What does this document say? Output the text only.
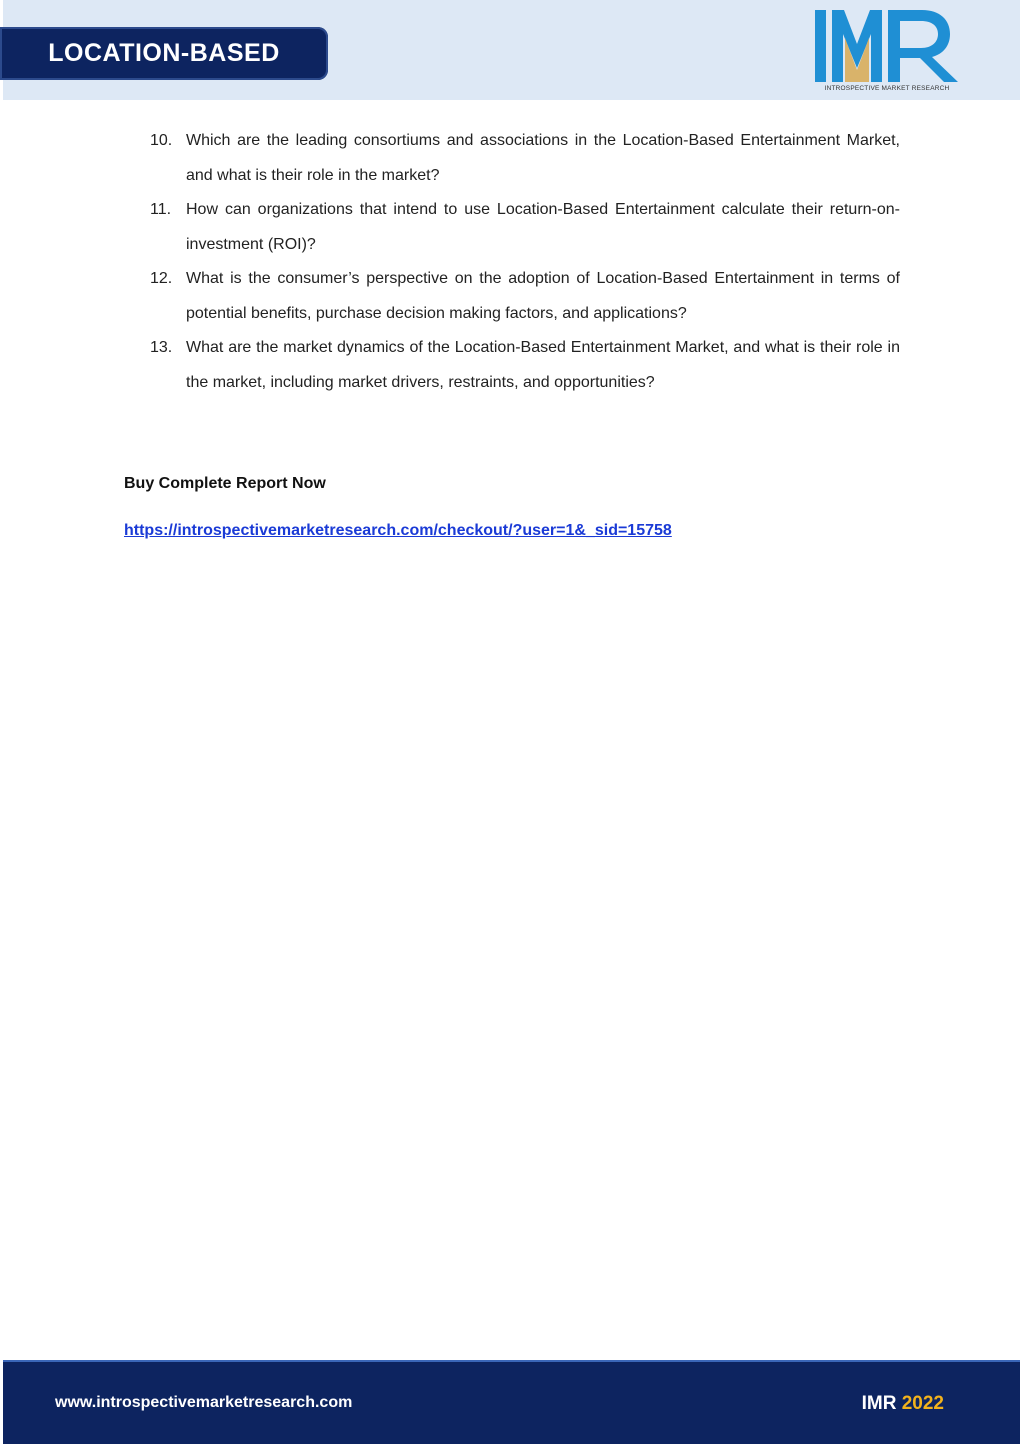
LOCATION-BASED
INTROSPECTIVE MARKET RESEARCH
10. Which are the leading consortiums and associations in the Location-Based Entertainment Market, and what is their role in the market?
11. How can organizations that intend to use Location-Based Entertainment calculate their return-on-investment (ROI)?
12. What is the consumer’s perspective on the adoption of Location-Based Entertainment in terms of potential benefits, purchase decision making factors, and applications?
13. What are the market dynamics of the Location-Based Entertainment Market, and what is their role in the market, including market drivers, restraints, and opportunities?
Buy Complete Report Now
https://introspectivemarketresearch.com/checkout/?user=1&_sid=15758
www.introspectivemarketresearch.com	IMR 2022
